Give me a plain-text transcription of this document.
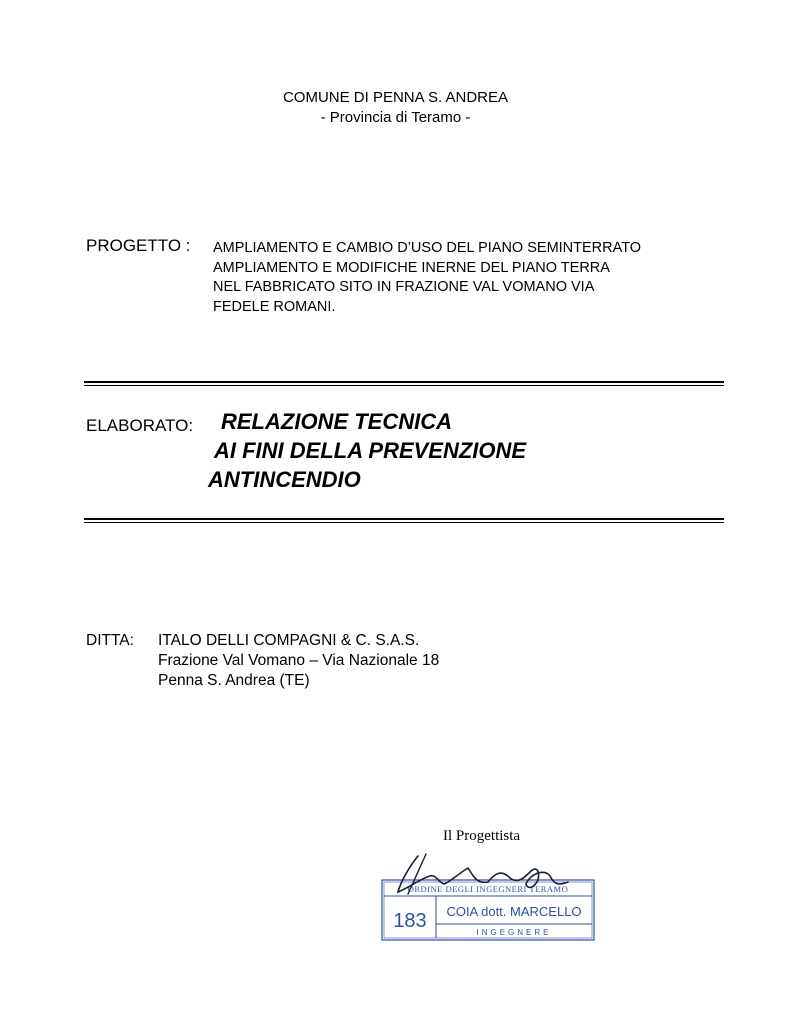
COMUNE DI PENNA S. ANDREA
- Provincia di Teramo -
PROGETTO : AMPLIAMENTO E CAMBIO D’USO DEL PIANO SEMINTERRATO
AMPLIAMENTO E MODIFICHE INERNE DEL PIANO TERRA
NEL FABBRICATO SITO IN FRAZIONE VAL VOMANO VIA
FEDELE ROMANI.
ELABORATO: RELAZIONE TECNICA
AI FINI DELLA PREVENZIONE
ANTINCENDIO
DITTA: ITALO DELLI COMPAGNI & C. S.A.S.
Frazione Val Vomano – Via Nazionale 18
Penna S. Andrea (TE)
Il Progettista
ORDINE DEGLI INGEGNERI TERAMO
183 COIA dott. MARCELLO
INGEGNERE
